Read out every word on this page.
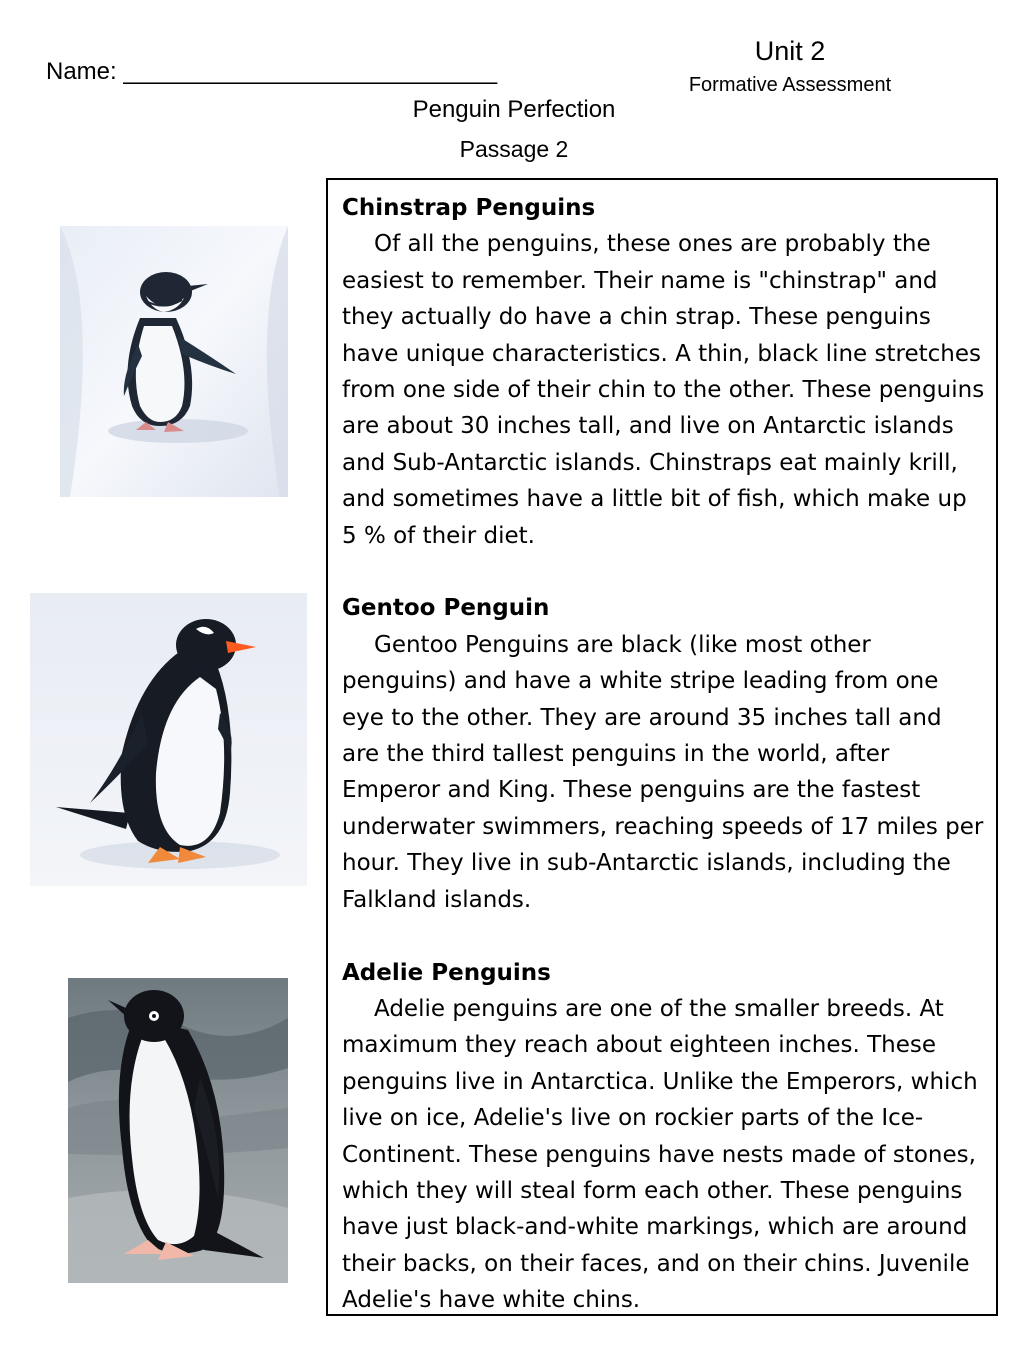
Name: ____________________________
Unit 2
Formative Assessment
Penguin Perfection
Passage 2
Chinstrap Penguins
Of all the penguins, these ones are probably the easiest to remember. Their name is "chinstrap" and they actually do have a chin strap. These penguins have unique characteristics. A thin, black line stretches from one side of their chin to the other. These penguins are about 30 inches tall, and live on Antarctic islands and Sub-Antarctic islands. Chinstraps eat mainly krill, and sometimes have a little bit of fish, which make up 5 % of their diet.
Gentoo Penguin
Gentoo Penguins are black (like most other penguins) and have a white stripe leading from one eye to the other. They are around 35 inches tall and are the third tallest penguins in the world, after Emperor and King. These penguins are the fastest underwater swimmers, reaching speeds of 17 miles per hour. They live in sub-Antarctic islands, including the Falkland islands.
Adelie Penguins
Adelie penguins are one of the smaller breeds. At maximum they reach about eighteen inches. These penguins live in Antarctica. Unlike the Emperors, which live on ice, Adelie's live on rockier parts of the Ice-Continent. These penguins have nests made of stones, which they will steal form each other. These penguins have just black-and-white markings, which are around their backs, on their faces, and on their chins. Juvenile Adelie's have white chins.
